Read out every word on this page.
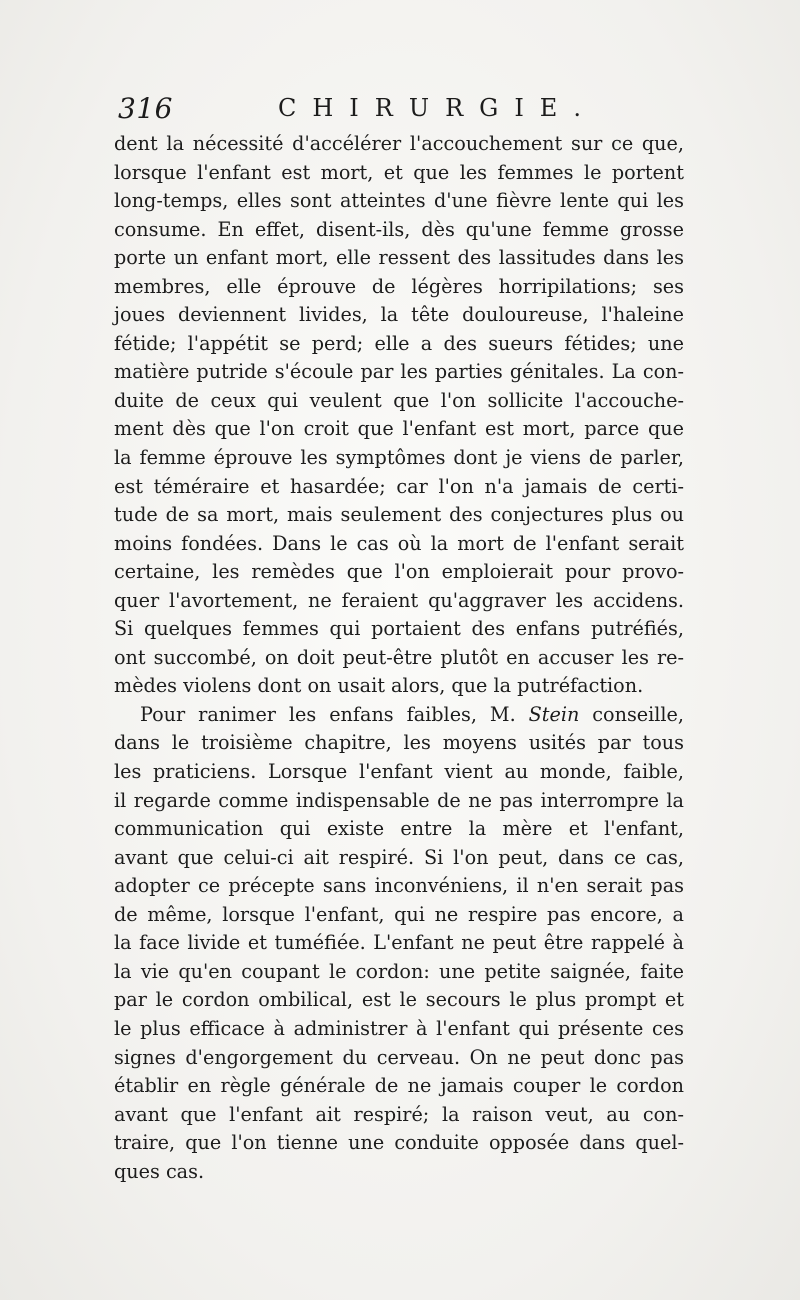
316	CHIRURGIE.
dent la nécessité d'accélérer l'accouchement sur ce que,
lorsque l'enfant est mort, et que les femmes le portent
long-temps, elles sont atteintes d'une fièvre lente qui les
consume. En effet, disent-ils, dès qu'une femme grosse
porte un enfant mort, elle ressent des lassitudes dans les
membres, elle éprouve de légères horripilations; ses
joues deviennent livides, la tête douloureuse, l'haleine
fétide; l'appétit se perd; elle a des sueurs fétides; une
matière putride s'écoule par les parties génitales. La con-
duite de ceux qui veulent que l'on sollicite l'accouche-
ment dès que l'on croit que l'enfant est mort, parce que
la femme éprouve les symptômes dont je viens de parler,
est téméraire et hasardée; car l'on n'a jamais de certi-
tude de sa mort, mais seulement des conjectures plus ou
moins fondées. Dans le cas où la mort de l'enfant serait
certaine, les remèdes que l'on emploierait pour provo-
quer l'avortement, ne feraient qu'aggraver les accidens.
Si quelques femmes qui portaient des enfans putréfiés,
ont succombé, on doit peut-être plutôt en accuser les re-
mèdes violens dont on usait alors, que la putréfaction.
Pour ranimer les enfans faibles, M. Stein conseille,
dans le troisième chapitre, les moyens usités par tous
les praticiens. Lorsque l'enfant vient au monde, faible,
il regarde comme indispensable de ne pas interrompre la
communication qui existe entre la mère et l'enfant,
avant que celui-ci ait respiré. Si l'on peut, dans ce cas,
adopter ce précepte sans inconvéniens, il n'en serait pas
de même, lorsque l'enfant, qui ne respire pas encore, a
la face livide et tuméfiée. L'enfant ne peut être rappelé à
la vie qu'en coupant le cordon: une petite saignée, faite
par le cordon ombilical, est le secours le plus prompt et
le plus efficace à administrer à l'enfant qui présente ces
signes d'engorgement du cerveau. On ne peut donc pas
établir en règle générale de ne jamais couper le cordon
avant que l'enfant ait respiré; la raison veut, au con-
traire, que l'on tienne une conduite opposée dans quel-
ques cas.
